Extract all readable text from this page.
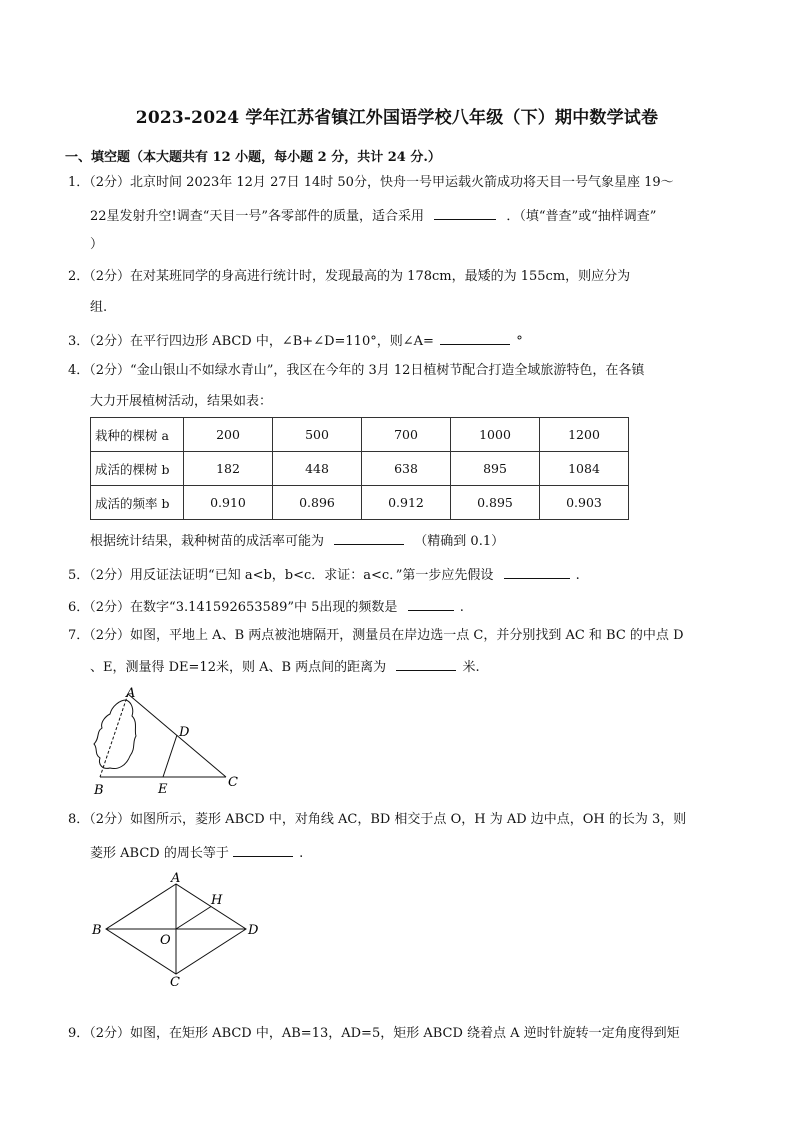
2023-2024 学年江苏省镇江外国语学校八年级（下）期中数学试卷
一、填空题（本大题共有 12 小题，每小题 2 分，共计 24 分.）
1．（2分）北京时间 2023年 12月 27日 14时 50分，快舟一号甲运载火箭成功将天目一号气象星座 19～
22星发射升空!调查“天目一号”各零部件的质量，适合采用	．（填“普查”或“抽样调查”
）
2．（2分）在对某班同学的身高进行统计时，发现最高的为 178cm，最矮的为 155cm，则应分为
组.
3．（2分）在平行四边形 ABCD 中，∠B+∠D=110°，则∠A=	°
4．（2分）“金山银山不如绿水青山”，我区在今年的 3月 12日植树节配合打造全域旅游特色，在各镇
大力开展植树活动，结果如表：
栽种的棵树 a	200	500	700	1000	1200
成活的棵树 b	182	448	638	895	1084
成活的频率 b	0.910	0.896	0.912	0.895	0.903
根据统计结果，栽种树苗的成活率可能为	（精确到 0.1）
5．（2分）用反证法证明“已知 a<b，b<c．求证：a<c．”第一步应先假设	.
6．（2分）在数字“3.141592653589”中 5出现的频数是	.
7．（2分）如图，平地上 A、B 两点被池塘隔开，测量员在岸边选一点 C，并分别找到 AC 和 BC 的中点 D
、E，测量得 DE=12米，则 A、B 两点间的距离为	米.
A
B
C
D
E
8．（2分）如图所示，菱形 ABCD 中，对角线 AC，BD 相交于点 O，H 为 AD 边中点，OH 的长为 3，则
菱形 ABCD 的周长等于	.
A
B
C
D
H
O
9．（2分）如图，在矩形 ABCD 中，AB=13，AD=5，矩形 ABCD 绕着点 A 逆时针旋转一定角度得到矩
